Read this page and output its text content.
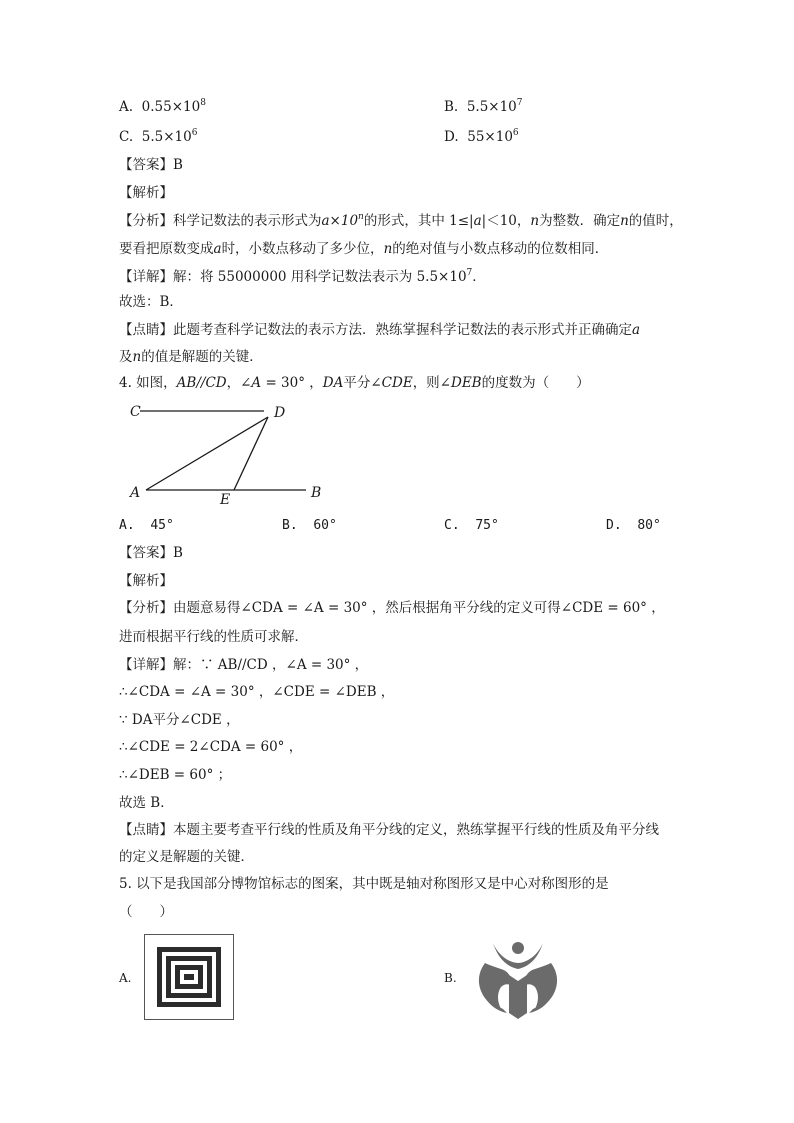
A. $0.55\times 10^8$	B. $5.5\times 10^7$
C. $5.5\times 10^6$	D. $55\times 10^6$
【答案】B
【解析】
【分析】科学记数法的表示形式为$a\times 10^n$的形式，其中 1≤|a|＜10，n为整数．确定n的值时，
要看把原数变成a时，小数点移动了多少位，n的绝对值与小数点移动的位数相同．
【详解】解：将 55000000 用科学记数法表示为 $5.5\times 10^7$．
故选：B．
【点睛】此题考查科学记数法的表示方法．熟练掌握科学记数法的表示形式并正确确定a
及n的值是解题的关键．
4. 如图，AB//CD，∠A = 30° ，DA平分∠CDE，则∠DEB的度数为（　　）
C	D
A	E	B
A. 45°	B. 60°	C. 75°	D. 80°
【答案】B
【解析】
【分析】由题意易得∠CDA = ∠A = 30° ，然后根据角平分线的定义可得∠CDE = 60° ，
进而根据平行线的性质可求解．
【详解】解：∵ AB//CD ，∠A = 30° ，
∴∠CDA = ∠A = 30° ，∠CDE = ∠DEB ，
∵ DA平分∠CDE ，
∴∠CDE = 2∠CDA = 60° ，
∴∠DEB = 60° ；
故选 B．
【点睛】本题主要考查平行线的性质及角平分线的定义，熟练掌握平行线的性质及角平分线
的定义是解题的关键．
5. 以下是我国部分博物馆标志的图案，其中既是轴对称图形又是中心对称图形的是
（　　）
A.	B.
